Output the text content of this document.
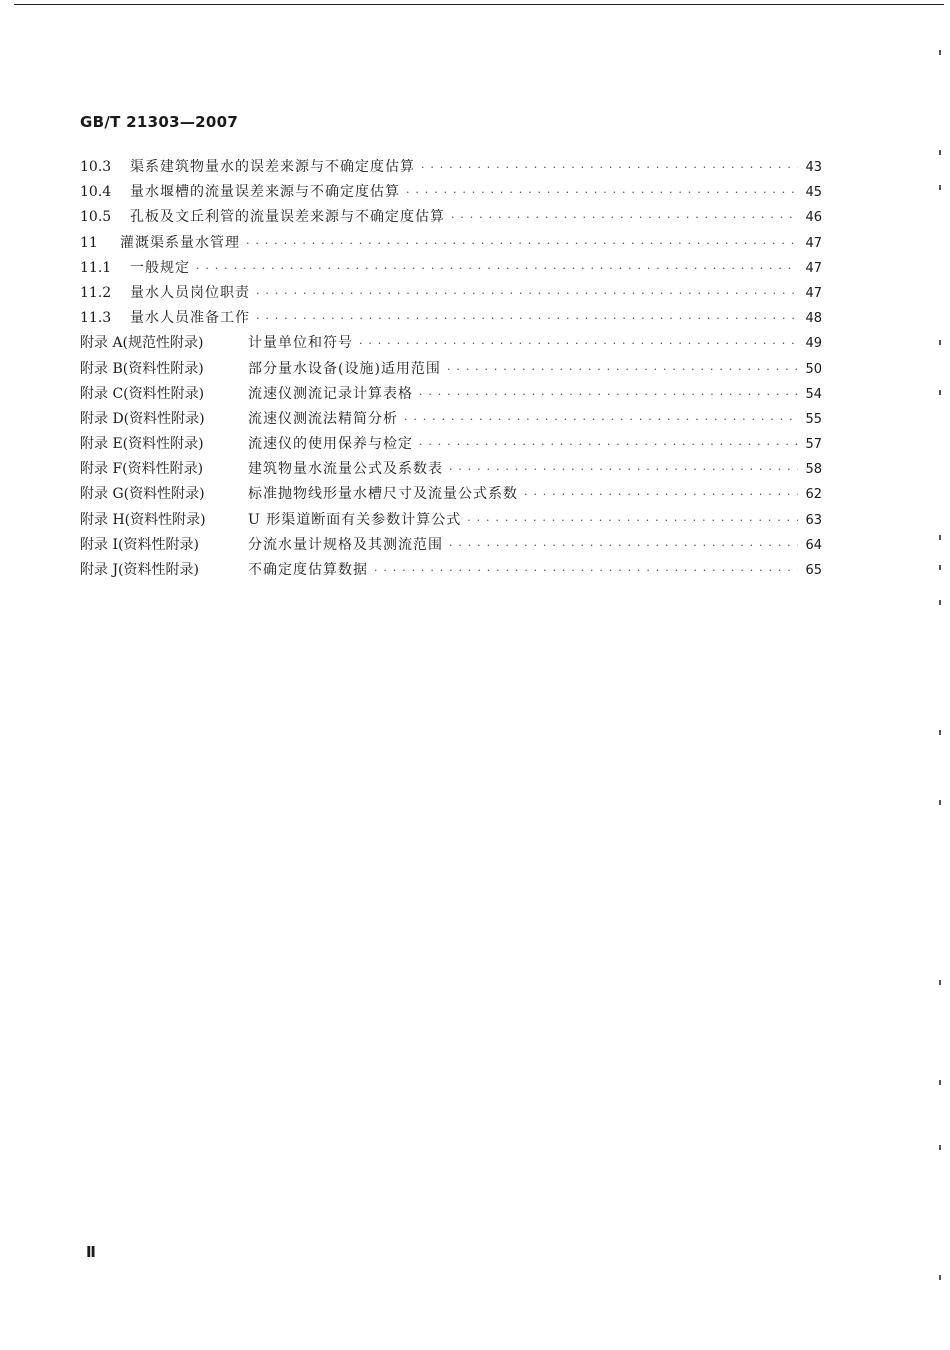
GB/T 21303—2007
10.3	渠系建筑物量水的误差来源与不确定度估算 · · ·	43
10.4	量水堰槽的流量误差来源与不确定度估算 · · ·	45
10.5	孔板及文丘利管的流量误差来源与不确定度估算 · · ·	46
11	灌溉渠系量水管理 · · ·	47
11.1	一般规定 · · ·	47
11.2	量水人员岗位职责 · · ·	47
11.3	量水人员准备工作 · · ·	48
附录 A(规范性附录)	计量单位和符号 · · ·	49
附录 B(资料性附录)	部分量水设备(设施)适用范围 · · ·	50
附录 C(资料性附录)	流速仪测流记录计算表格 · · ·	54
附录 D(资料性附录)	流速仪测流法精简分析 · · ·	55
附录 E(资料性附录)	流速仪的使用保养与检定 · · ·	57
附录 F(资料性附录)	建筑物量水流量公式及系数表 · · ·	58
附录 G(资料性附录)	标准抛物线形量水槽尺寸及流量公式系数 · · ·	62
附录 H(资料性附录)	U 形渠道断面有关参数计算公式 · · ·	63
附录 I(资料性附录)	分流水量计规格及其测流范围 · · ·	64
附录 J(资料性附录)	不确定度估算数据 · · ·	65
Ⅱ
